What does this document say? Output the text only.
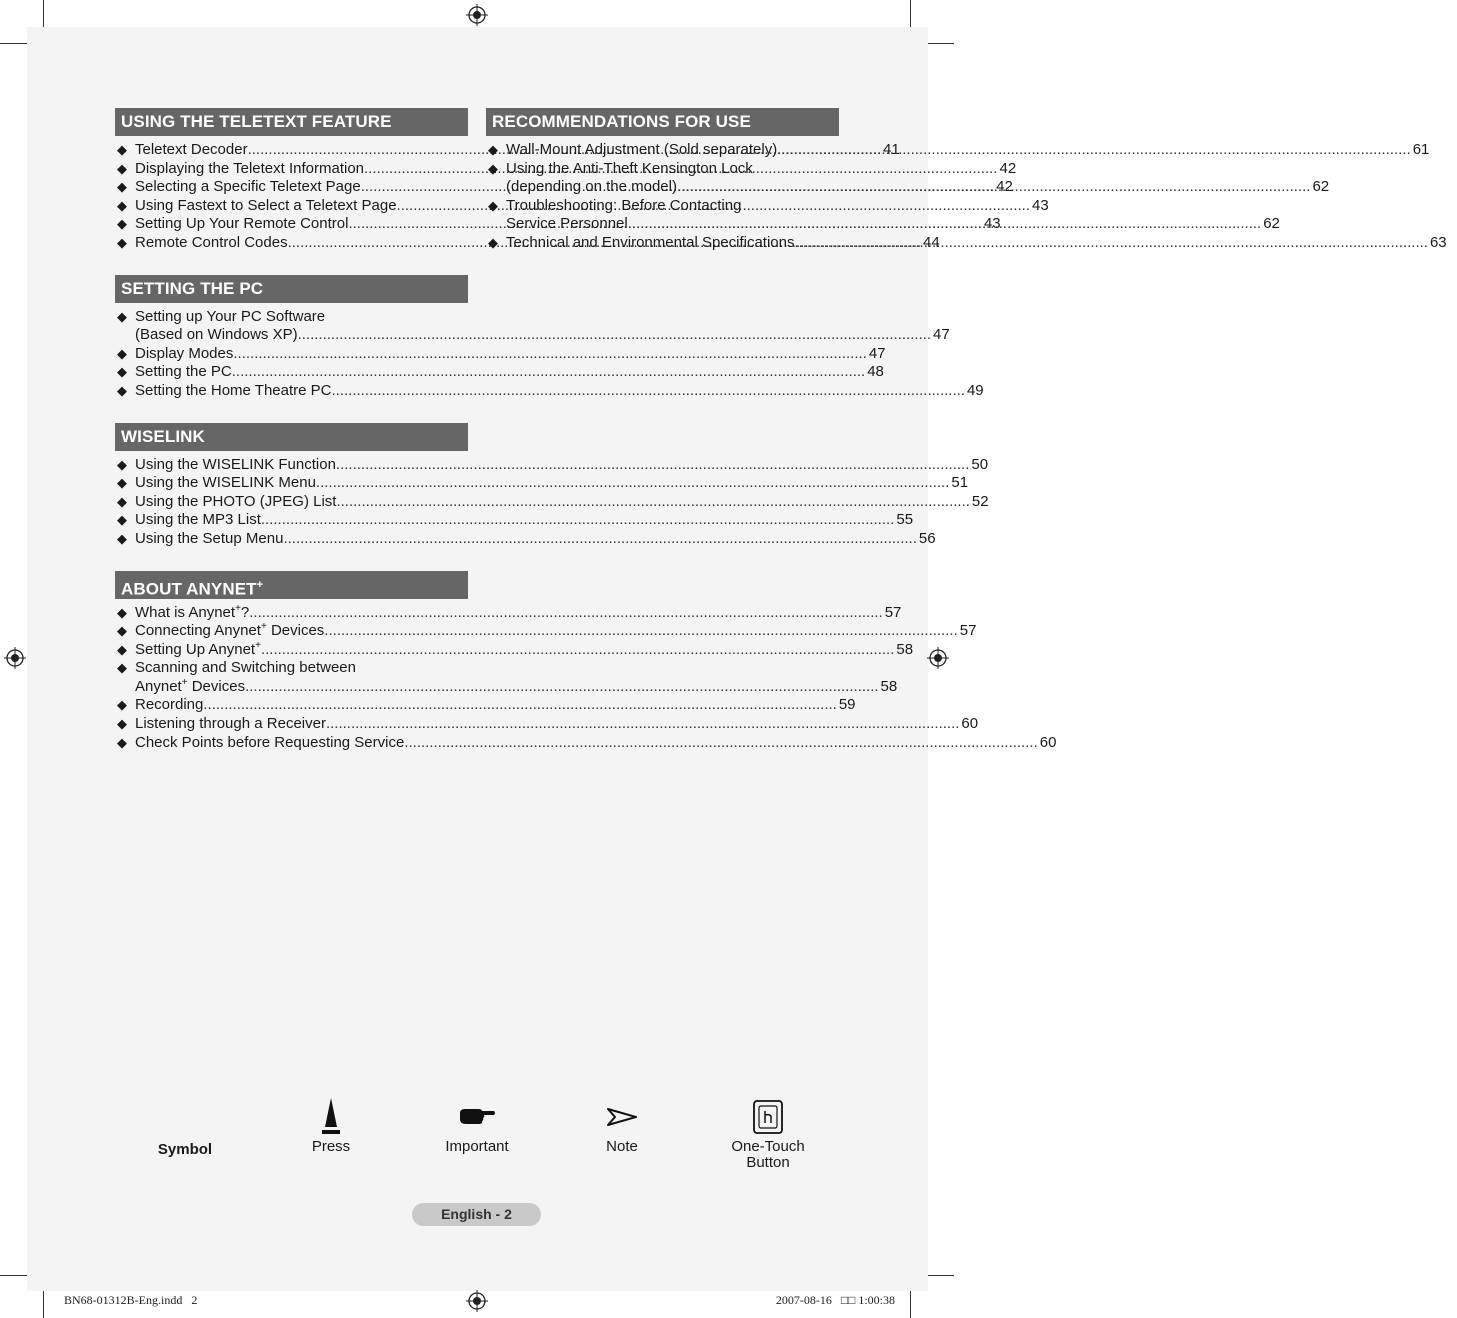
USING THE TELETEXT FEATURE
◆ Teletext Decoder .....	41
◆ Displaying the Teletext Information .....	42
◆ Selecting a Specific Teletext Page .....	42
◆ Using Fastext to Select a Teletext Page .....	43
◆ Setting Up Your Remote Control .....	43
◆ Remote Control Codes .....	44
SETTING THE PC
◆ Setting up Your PC Software
(Based on Windows XP) .....	47
◆ Display Modes .....	47
◆ Setting the PC .....	48
◆ Setting the Home Theatre PC .....	49
WISELINK
◆ Using the WISELINK Function .....	50
◆ Using the WISELINK Menu .....	51
◆ Using the PHOTO (JPEG) List .....	52
◆ Using the MP3 List .....	55
◆ Using the Setup Menu .....	56
ABOUT ANYNET+
◆ What is Anynet+? .....	57
◆ Connecting Anynet+ Devices .....	57
◆ Setting Up Anynet+ .....	58
◆ Scanning and Switching between
Anynet+ Devices .....	58
◆ Recording .....	59
◆ Listening through a Receiver .....	60
◆ Check Points before Requesting Service .....	60
RECOMMENDATIONS FOR USE
◆ Wall-Mount Adjustment (Sold separately) .....	61
◆ Using the Anti-Theft Kensington Lock
(depending on the model) .....	62
◆ Troubleshooting: Before Contacting
Service Personnel .....	62
◆ Technical and Environmental Specifications .....	63
Symbol	Press	Important	Note	One-Touch
Button
English - 2
BN68-01312B-Eng.indd   2	2007-08-16   □□ 1:00:38
